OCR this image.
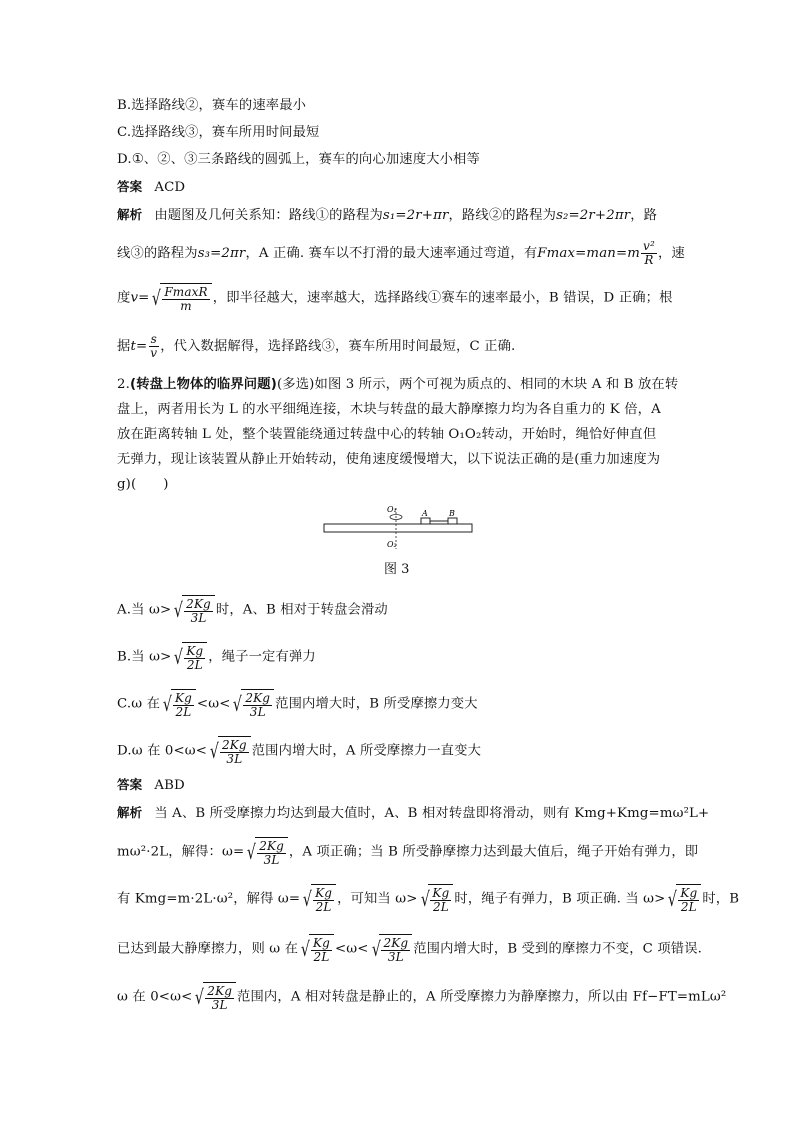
B.选择路线②，赛车的速率最小
C.选择路线③，赛车所用时间最短
D.①、②、③三条路线的圆弧上，赛车的向心加速度大小相等
答案 ACD
解析 由题图及几何关系知：路线①的路程为s₁=2r+πr，路线②的路程为s₂=2r+2πr，路
线③的路程为s₃=2πr，A 正确. 赛车以不打滑的最大速率通过弯道，有$Fmax=man=m \frac{\text{v²}}{R}$ ，速
度v= √ $\frac{FmaxR}{m}$ ，即半径越大，速率越大，选择路线①赛车的速率最小，B 错误，D 正确；根
据$t= \frac{s}{v}$ ，代入数据解得，选择路线③，赛车所用时间最短，C 正确.
2.(转盘上物体的临界问题)(多选)如图 3 所示，两个可视为质点的、相同的木块 A 和 B 放在转
盘上，两者用长为 L 的水平细绳连接，木块与转盘的最大静摩擦力均为各自重力的 K 倍，A
放在距离转轴 L 处，整个装置能绕通过转盘中心的转轴 O₁O₂转动，开始时，绳恰好伸直但
无弹力，现让该装置从静止开始转动，使角速度缓慢增大，以下说法正确的是(重力加速度为
g)(　　)
O₁
O₂
A	B
图 3
A.当 ω> √ $\frac{2Kg}{3L}$ 时，A、B 相对于转盘会滑动
B.当 ω> √ $\frac{Kg}{2L}$ ，绳子一定有弹力
C.ω 在 √ $\frac{Kg}{2L} <\omega<$ √ $\frac{2Kg}{3L}$ 范围内增大时，B 所受摩擦力变大
D.ω 在 0<ω< √ $\frac{2Kg}{3L}$ 范围内增大时，A 所受摩擦力一直变大
答案 ABD
解析 当 A、B 所受摩擦力均达到最大值时，A、B 相对转盘即将滑动，则有 Kmg+Kmg=mω²L+
mω²·2L，解得：ω= √ $\frac{2Kg}{3L}$ ，A 项正确；当 B 所受静摩擦力达到最大值后，绳子开始有弹力，即
有 Kmg=m·2L·ω²，解得 ω= √ $\frac{Kg}{2L}$ ，可知当 ω> √ $\frac{Kg}{2L}$ 时，绳子有弹力，B 项正确. 当 ω> √ $\frac{Kg}{2L}$ 时，B
已达到最大静摩擦力，则 ω 在 √ $\frac{Kg}{2L} <\omega<$ √ $\frac{2Kg}{3L}$ 范围内增大时，B 受到的摩擦力不变，C 项错误.
ω 在 0<ω< √ $\frac{2Kg}{3L}$ 范围内，A 相对转盘是静止的，A 所受摩擦力为静摩擦力，所以由 Ff−FT=mLω²
